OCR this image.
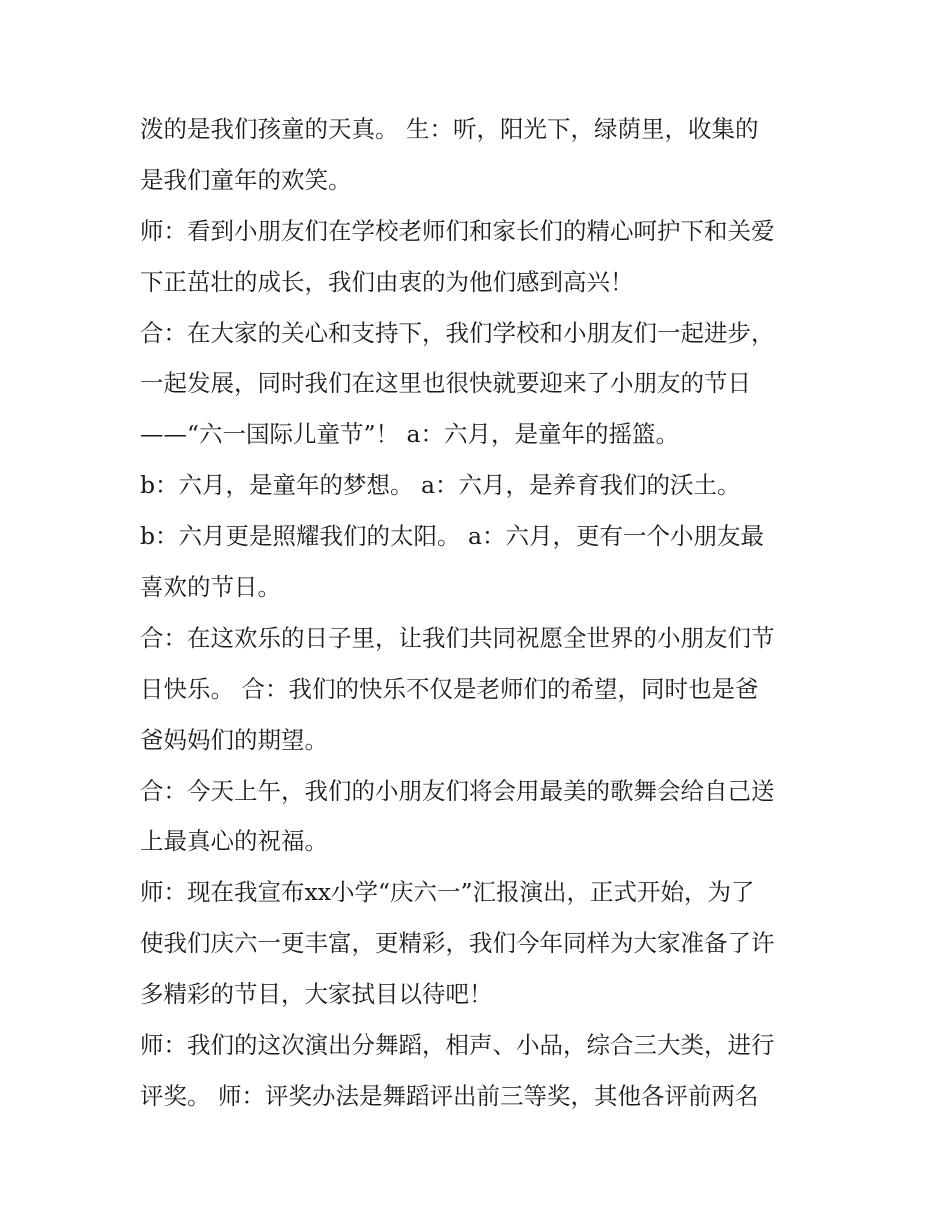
泼的是我们孩童的天真。 生：听，阳光下，绿荫里，收集的
是我们童年的欢笑。
师：看到小朋友们在学校老师们和家长们的精心呵护下和关爱
下正茁壮的成长，我们由衷的为他们感到高兴！
合：在大家的关心和支持下，我们学校和小朋友们一起进步，
一起发展，同时我们在这里也很快就要迎来了小朋友的节日
——“六一国际儿童节”！ a：六月，是童年的摇篮。
b：六月，是童年的梦想。 a：六月，是养育我们的沃土。
b：六月更是照耀我们的太阳。 a：六月，更有一个小朋友最
喜欢的节日。
合：在这欢乐的日子里，让我们共同祝愿全世界的小朋友们节
日快乐。 合：我们的快乐不仅是老师们的希望，同时也是爸
爸妈妈们的期望。
合：今天上午，我们的小朋友们将会用最美的歌舞会给自己送
上最真心的祝福。
师：现在我宣布xx小学“庆六一”汇报演出，正式开始，为了
使我们庆六一更丰富，更精彩，我们今年同样为大家准备了许
多精彩的节目，大家拭目以待吧！
师：我们的这次演出分舞蹈，相声、小品，综合三大类，进行
评奖。 师：评奖办法是舞蹈评出前三等奖，其他各评前两名
